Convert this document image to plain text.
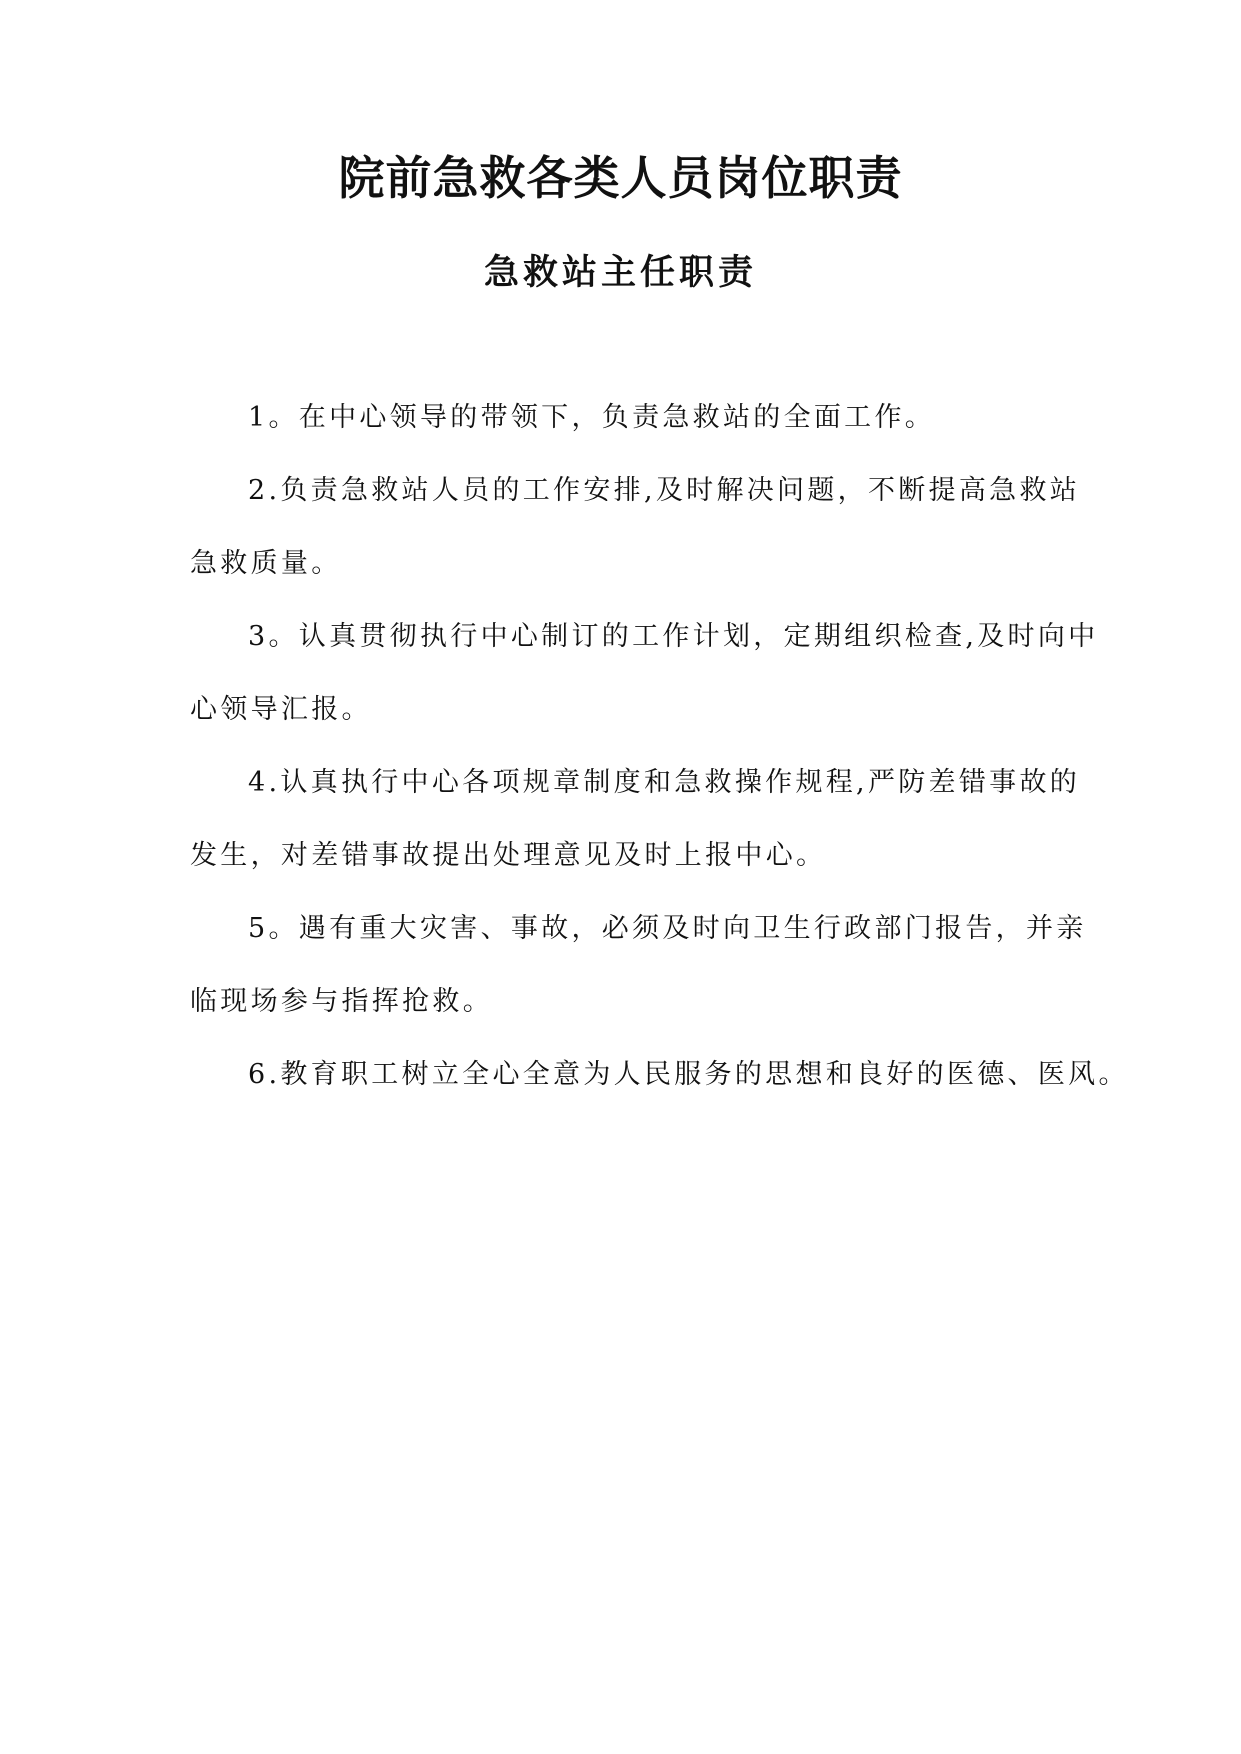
院前急救各类人员岗位职责
急救站主任职责
1。在中心领导的带领下，负责急救站的全面工作。
2.负责急救站人员的工作安排,及时解决问题，不断提高急救站
急救质量。
3。认真贯彻执行中心制订的工作计划，定期组织检查,及时向中
心领导汇报。
4.认真执行中心各项规章制度和急救操作规程,严防差错事故的
发生，对差错事故提出处理意见及时上报中心。
5。遇有重大灾害、事故，必须及时向卫生行政部门报告，并亲
临现场参与指挥抢救。
6.教育职工树立全心全意为人民服务的思想和良好的医德、医风。
